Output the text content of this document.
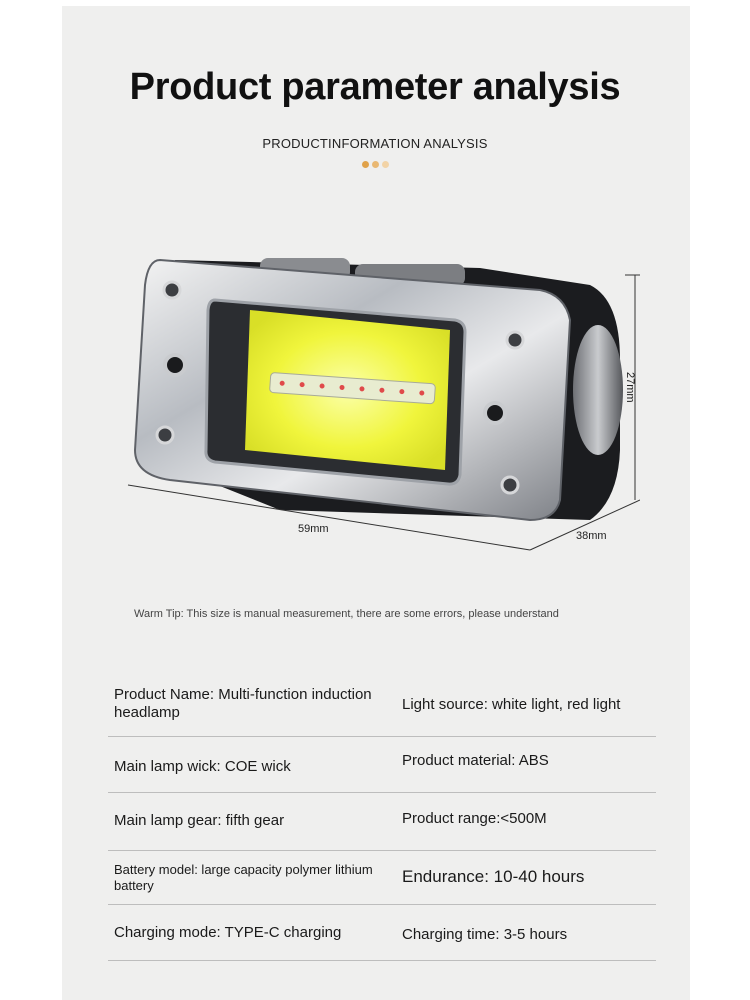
Product parameter analysis
PRODUCTINFORMATION ANALYSIS
59mm
38mm
27mm
Warm Tip: This size is manual measurement, there are some errors, please understand
Product Name: Multi-function induction headlamp	Light source: white light, red light
Main lamp wick: COE wick	Product material: ABS
Main lamp gear: fifth gear	Product range:<500M
Battery model: large capacity polymer lithium battery	Endurance: 10-40 hours
Charging mode: TYPE-C charging	Charging time: 3-5 hours
